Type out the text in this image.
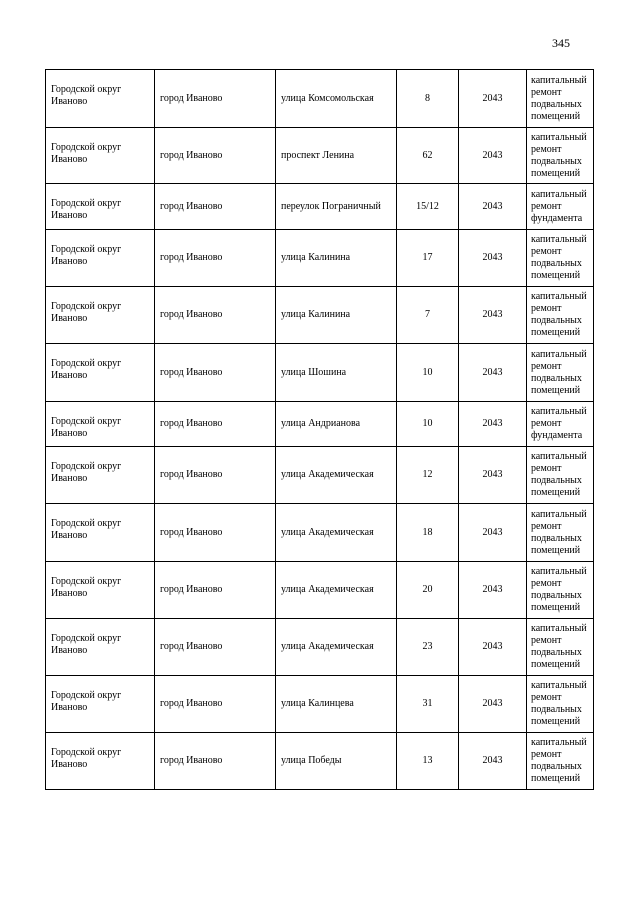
345
Городской округ Иваново	город Иваново	улица Комсомольская	8	2043	капитальный ремонт подвальных помещений
Городской округ Иваново	город Иваново	проспект Ленина	62	2043	капитальный ремонт подвальных помещений
Городской округ Иваново	город Иваново	переулок Пограничный	15/12	2043	капитальный ремонт фундамента
Городской округ Иваново	город Иваново	улица Калинина	17	2043	капитальный ремонт подвальных помещений
Городской округ Иваново	город Иваново	улица Калинина	7	2043	капитальный ремонт подвальных помещений
Городской округ Иваново	город Иваново	улица Шошина	10	2043	капитальный ремонт подвальных помещений
Городской округ Иваново	город Иваново	улица Андрианова	10	2043	капитальный ремонт фундамента
Городской округ Иваново	город Иваново	улица Академическая	12	2043	капитальный ремонт подвальных помещений
Городской округ Иваново	город Иваново	улица Академическая	18	2043	капитальный ремонт подвальных помещений
Городской округ Иваново	город Иваново	улица Академическая	20	2043	капитальный ремонт подвальных помещений
Городской округ Иваново	город Иваново	улица Академическая	23	2043	капитальный ремонт подвальных помещений
Городской округ Иваново	город Иваново	улица Калинцева	31	2043	капитальный ремонт подвальных помещений
Городской округ Иваново	город Иваново	улица Победы	13	2043	капитальный ремонт подвальных помещений
